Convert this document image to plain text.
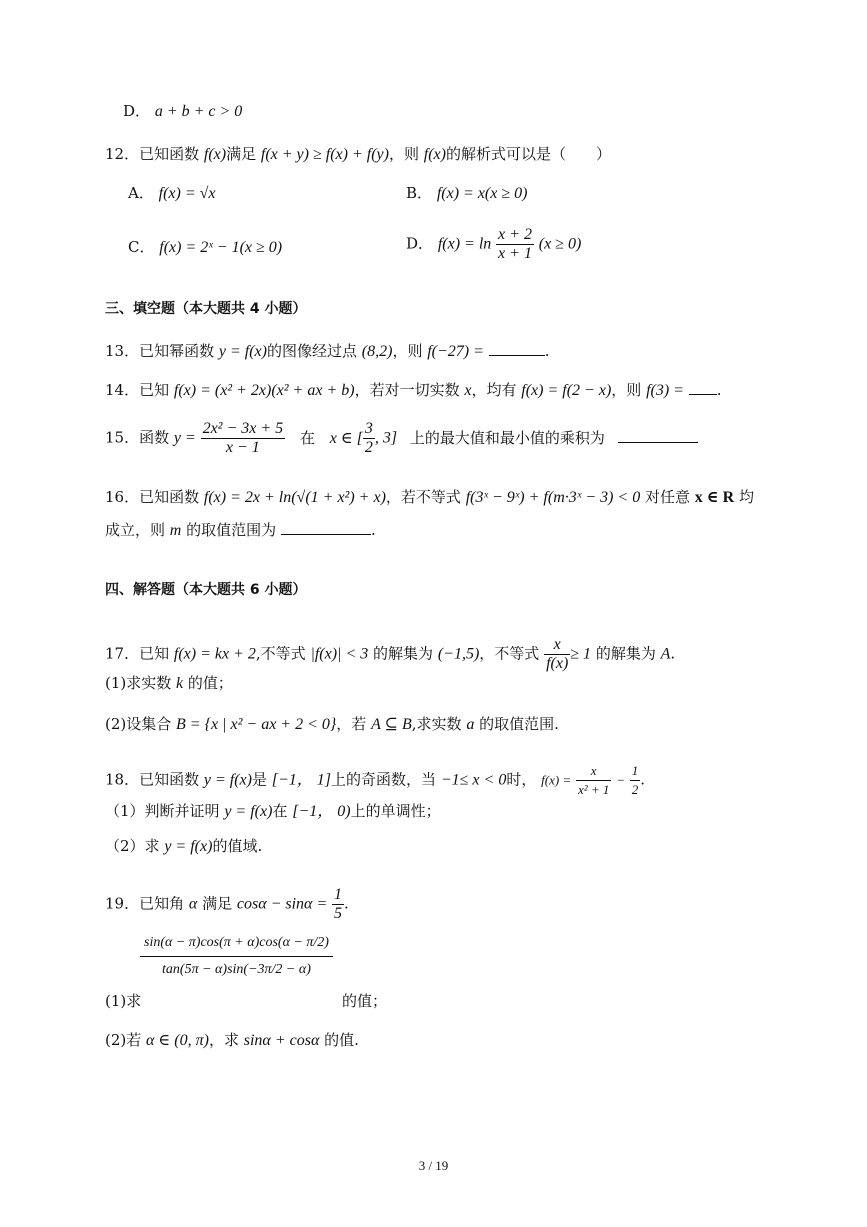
D． a + b + c > 0
12．已知函数 f(x)满足 f(x + y) ≥ f(x) + f(y)，则 f(x)的解析式可以是（　　）
A． f(x) = √x	B． f(x) = x(x ≥ 0)
C． f(x) = 2ˣ − 1(x ≥ 0)	D． $f(x) = \ln \frac{x + 2}{x + 1} (x \ge 0)$
三、填空题（本大题共 4 小题）
13．已知幂函数 y = f(x)的图像经过点 (8,2)，则 f(−27) =	.
14．已知 f(x) = (x² + 2x)(x² + ax + b)，若对一切实数 x，均有 f(x) = f(2 − x)，则 f(3) = .
15．函数 $y = \frac{\text{2x² − 3x + 5}}{x - 1}$ 在 x ∈ [ $\frac{3}{2}$ , 3] 上的最大值和最小值的乘积为
16．已知函数 f(x) = 2x + ln(√(1 + x²) + x)，若不等式 f(3ˣ − 9ˣ) + f(m·3ˣ − 3) < 0 对任意 x ∈ R 均
成立，则 m 的取值范围为	.
四、解答题（本大题共 6 小题）
17．已知 f(x) = kx + 2,不等式 |f(x)| < 3 的解集为 (−1,5)，不等式 $\frac{x}{f(x)} \ge 1$ 的解集为 A.
(1)求实数 k 的值；
(2)设集合 B = {x | x² − ax + 2 < 0}，若 A ⊆ B,求实数 a 的取值范围.
18．已知函数 y = f(x)是 [−1， 1]上的奇函数，当 −1≤ x < 0时， $f(x) = \frac{x}{\text{x² + 1}} - \frac{1}{2}$ .
（1）判断并证明 y = f(x)在 [−1， 0)上的单调性；
（2）求 y = f(x)的值域.
19．已知角 α 满足 $\cos\alpha - \sin\alpha = \frac{1}{5}$ .
$\frac{\sin(\alpha - \pi)\cos(\pi + \alpha)\cos(\alpha - \pi/2)}{\tan(5\pi - \alpha)\sin(-3\pi/2 - \alpha)}$
(1)求	的值；
(2)若 α ∈ (0, π)，求 sinα + cosα 的值.
3 / 19
